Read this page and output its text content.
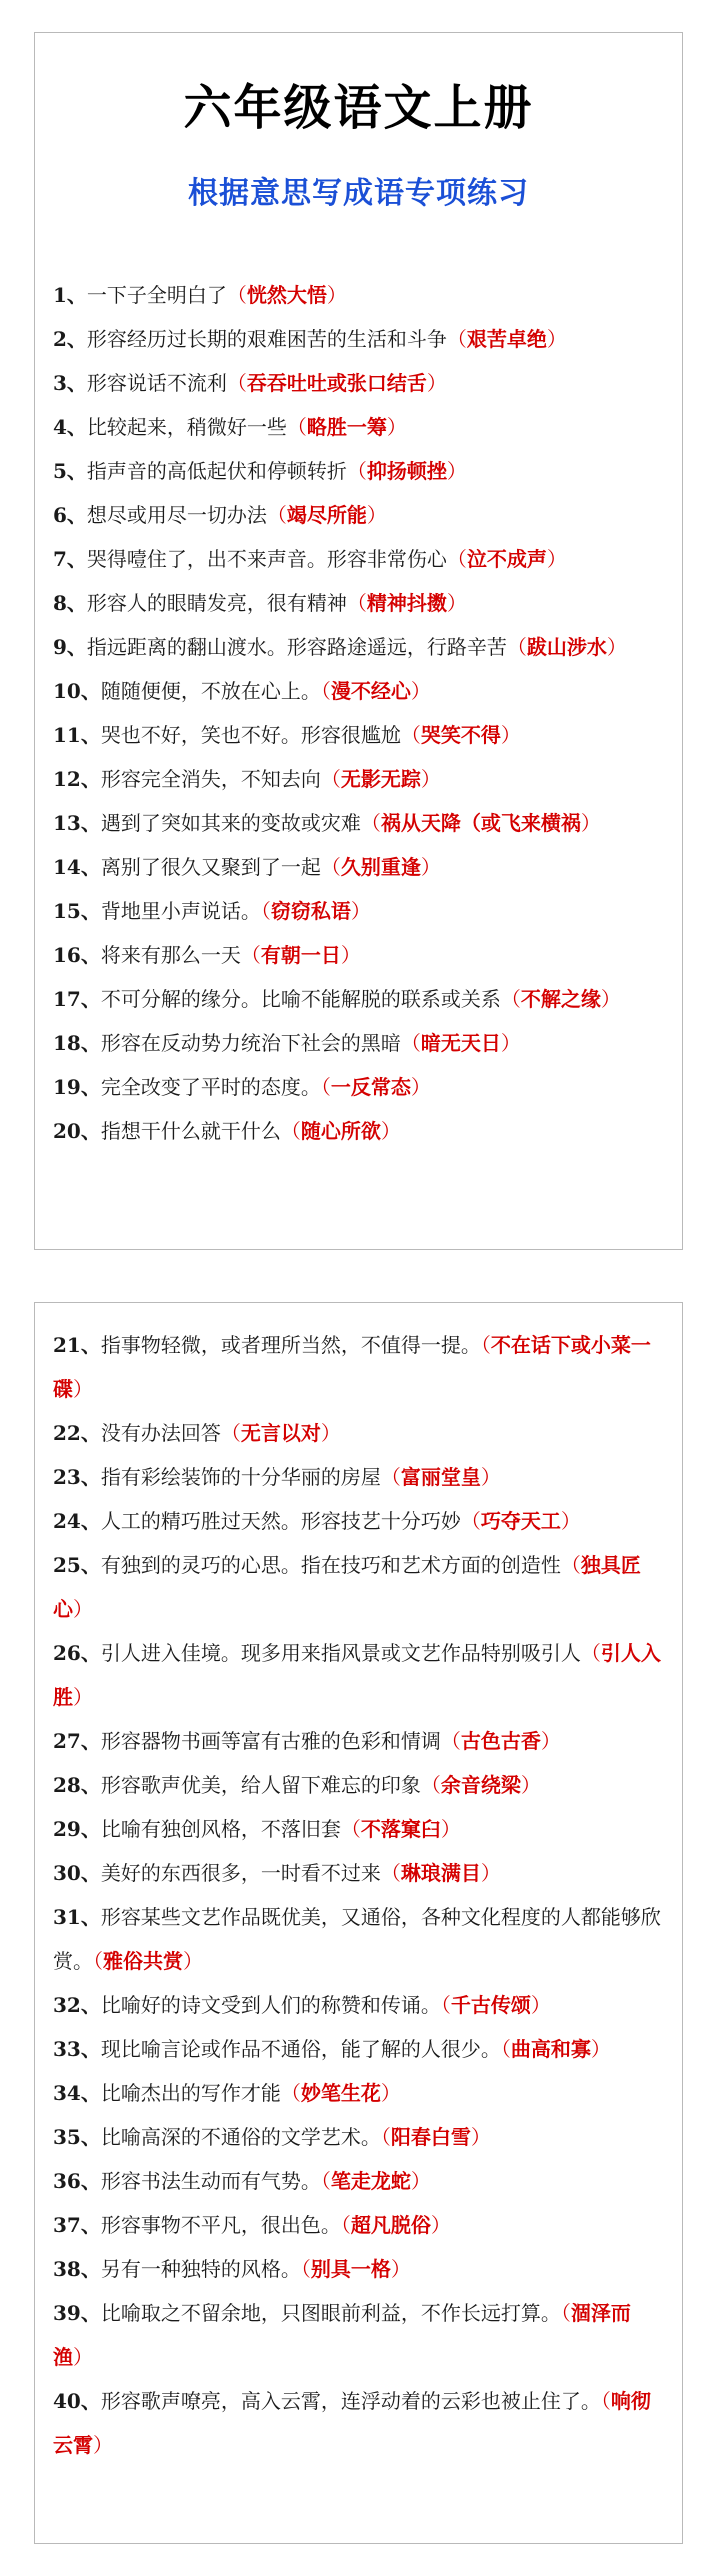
六年级语文上册
根据意思写成语专项练习

1、一下子全明白了（恍然大悟）

2、形容经历过长期的艰难困苦的生活和斗争（艰苦卓绝）

3、形容说话不流利（吞吞吐吐或张口结舌）

4、比较起来，稍微好一些（略胜一筹）

5、指声音的高低起伏和停顿转折（抑扬顿挫）

6、想尽或用尽一切办法（竭尽所能）

7、哭得噎住了，出不来声音。形容非常伤心（泣不成声）

8、形容人的眼睛发亮，很有精神（精神抖擞）

9、指远距离的翻山渡水。形容路途遥远，行路辛苦（跋山涉水）

10、随随便便，不放在心上。（漫不经心）

11、哭也不好，笑也不好。形容很尴尬（哭笑不得）

12、形容完全消失，不知去向（无影无踪）

13、遇到了突如其来的变故或灾难（祸从天降（或飞来横祸）

14、离别了很久又聚到了一起（久别重逢）

15、背地里小声说话。（窃窃私语）

16、将来有那么一天（有朝一日）

17、不可分解的缘分。比喻不能解脱的联系或关系（不解之缘）

18、形容在反动势力统治下社会的黑暗（暗无天日）

19、完全改变了平时的态度。（一反常态）

20、指想干什么就干什么（随心所欲）

21、指事物轻微，或者理所当然，不值得一提。（不在话下或小菜一碟）

22、没有办法回答（无言以对）

23、指有彩绘装饰的十分华丽的房屋（富丽堂皇）

24、人工的精巧胜过天然。形容技艺十分巧妙（巧夺天工）

25、有独到的灵巧的心思。指在技巧和艺术方面的创造性（独具匠心）

26、引人进入佳境。现多用来指风景或文艺作品特别吸引人（引人入胜）

27、形容器物书画等富有古雅的色彩和情调（古色古香）

28、形容歌声优美，给人留下难忘的印象（余音绕梁）

29、比喻有独创风格，不落旧套（不落窠臼）

30、美好的东西很多，一时看不过来（琳琅满目）

31、形容某些文艺作品既优美，又通俗，各种文化程度的人都能够欣赏。（雅俗共赏）

32、比喻好的诗文受到人们的称赞和传诵。（千古传颂）

33、现比喻言论或作品不通俗，能了解的人很少。（曲高和寡）

34、比喻杰出的写作才能（妙笔生花）

35、比喻高深的不通俗的文学艺术。（阳春白雪）

36、形容书法生动而有气势。（笔走龙蛇）

37、形容事物不平凡，很出色。（超凡脱俗）

38、另有一种独特的风格。（别具一格）

39、比喻取之不留余地，只图眼前利益，不作长远打算。（涸泽而渔）

40、形容歌声嘹亮，高入云霄，连浮动着的云彩也被止住了。（响彻云霄）
